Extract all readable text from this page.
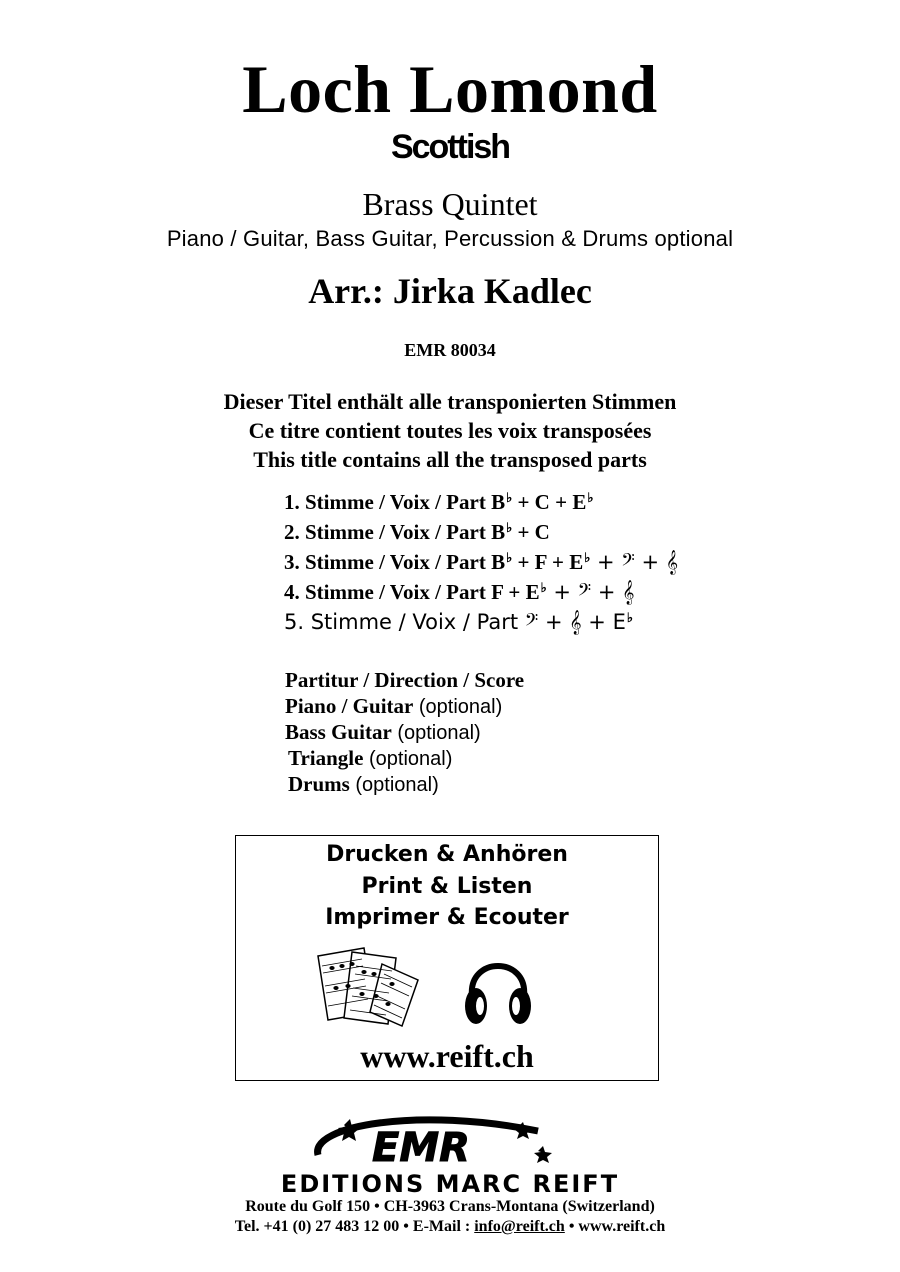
Loch Lomond
Scottish
Brass Quintet
Piano / Guitar, Bass Guitar, Percussion & Drums optional
Arr.: Jirka Kadlec
EMR 80034
Dieser Titel enthält alle transponierten Stimmen
Ce titre contient toutes les voix transposées
This title contains all the transposed parts
1. Stimme / Voix / Part B♭ + C + E♭
2. Stimme / Voix / Part B♭ + C
3. Stimme / Voix / Part B♭ + F + E♭ + 𝄢 + 𝄞
4. Stimme / Voix / Part F + E♭ + 𝄢 + 𝄞
5. Stimme / Voix / Part 𝄢 + 𝄞 + E♭
Partitur / Direction / Score
Piano / Guitar (optional)
Bass Guitar (optional)
Triangle (optional)
Drums (optional)
Drucken & Anhören
Print & Listen
Imprimer & Ecouter
www.reift.ch
EMR
EDITIONS MARC REIFT
Route du Golf 150 • CH-3963 Crans-Montana (Switzerland)
Tel. +41 (0) 27 483 12 00 • E-Mail : info@reift.ch • www.reift.ch
